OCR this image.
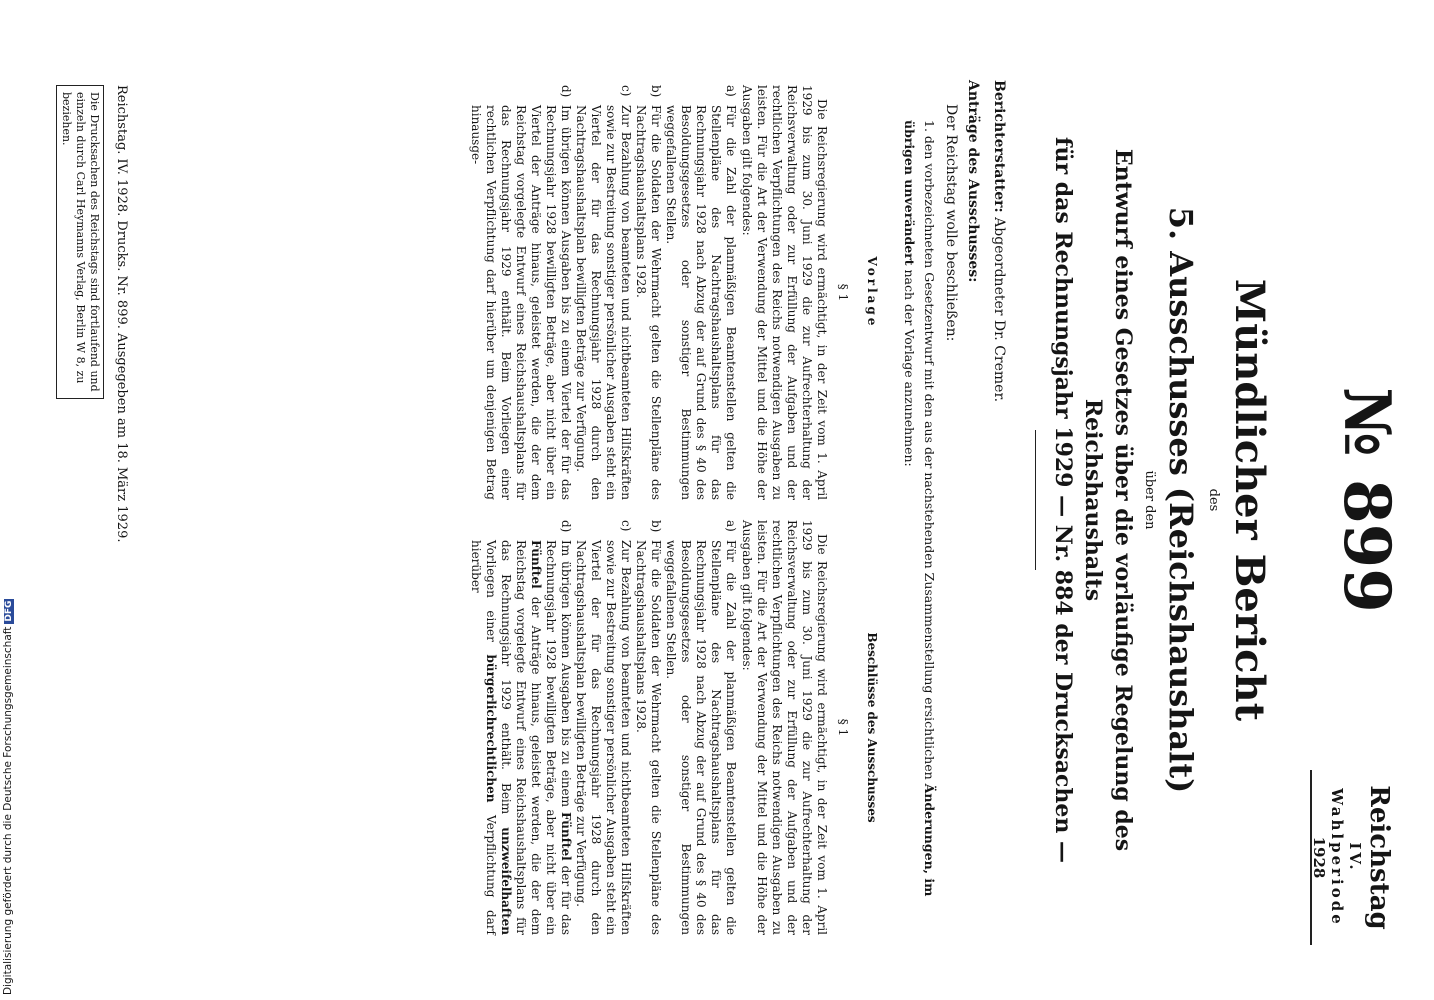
Reichstag
IV. Wahlperiode
1928
№ 899
Mündlicher Bericht
des
5. Ausschusses (Reichshaushalt)
über den
Entwurf eines Gesetzes über die vorläufige Regelung des Reichshaushalts
für das Rechnungsjahr 1929 — Nr. 884 der Drucksachen —
Berichterstatter: Abgeordneter Dr. Cremer.
Anträge des Ausschusses:
Der Reichstag wolle beschließen:
1. den vorbezeichneten Gesetzentwurf mit den aus der nachstehenden Zusammenstellung ersichtlichen Änderungen, im übrigen unverändert nach der Vorlage anzunehmen:
Vorlage
§ 1

Die Reichsregierung wird ermächtigt, in der Zeit vom 1. April 1929 bis zum 30. Juni 1929 die zur Aufrechterhaltung der Reichsverwaltung oder zur Erfüllung der Aufgaben und der rechtlichen Verpflichtungen des Reichs notwendigen Ausgaben zu leisten. Für die Art der Verwendung der Mittel und die Höhe der Ausgaben gilt folgendes:

a)
Für die Zahl der planmäßigen Beamtenstellen gelten die Stellenpläne des Nachtragshaushaltsplans für das Rechnungsjahr 1928 nach Abzug der auf Grund des § 40 des Besoldungsgesetzes oder sonstiger Bestimmungen weggefallenen Stellen.
b)
Für die Soldaten der Wehrmacht gelten die Stellenpläne des Nachtragshaushaltsplans 1928.
c)
Zur Bezahlung von beamteten und nichtbeamteten Hilfskräften sowie zur Bestreitung sonstiger persönlicher Ausgaben steht ein Viertel der für das Rechnungsjahr 1928 durch den Nachtragshaushaltsplan bewilligten Beträge zur Verfügung.
d)
Im übrigen können Ausgaben bis zu einem Viertel der für das Rechnungsjahr 1928 bewilligten Beträge, aber nicht über ein Viertel der Anträge hinaus, geleistet werden, die der dem Reichstag vorgelegte Entwurf eines Reichshaushaltsplans für das Rechnungsjahr 1929 enthält. Beim Vorliegen einer rechtlichen Verpflichtung darf hierüber um denjenigen Betrag hinausge-
Beschlüsse des Ausschusses
§ 1

Die Reichsregierung wird ermächtigt, in der Zeit vom 1. April 1929 bis zum 30. Juni 1929 die zur Aufrechterhaltung der Reichsverwaltung oder zur Erfüllung der Aufgaben und der rechtlichen Verpflichtungen des Reichs notwendigen Ausgaben zu leisten. Für die Art der Verwendung der Mittel und die Höhe der Ausgaben gilt folgendes:

a)
Für die Zahl der planmäßigen Beamtenstellen gelten die Stellenpläne des Nachtragshaushaltsplans für das Rechnungsjahr 1928 nach Abzug der auf Grund des § 40 des Besoldungsgesetzes oder sonstiger Bestimmungen weggefallenen Stellen.
b)
Für die Soldaten der Wehrmacht gelten die Stellenpläne des Nachtragshaushaltsplans 1928.
c)
Zur Bezahlung von beamteten und nichtbeamteten Hilfskräften sowie zur Bestreitung sonstiger persönlicher Ausgaben steht ein Viertel der für das Rechnungsjahr 1928 durch den Nachtragshaushaltsplan bewilligten Beträge zur Verfügung.
d)
Im übrigen können Ausgaben bis zu einem Fünftel der für das Rechnungsjahr 1928 bewilligten Beträge, aber nicht über ein Fünftel der Anträge hinaus, geleistet werden, die der dem Reichstag vorgelegte Entwurf eines Reichshaushaltsplans für das Rechnungsjahr 1929 enthält. Beim unzweifelhaften Vorliegen einer bürgerlichrechtlichen Verpflichtung darf hierüber
Reichstag. IV. 1928. Drucks. Nr. 899. Ausgegeben am 18. März 1929.
Die Drucksachen des Reichstags sind fortlaufend und einzeln durch Carl Heymanns Verlag, Berlin W 8, zu beziehen.
Digitalisierung gefördert durch die Deutsche ForschungsgemeinschaftDFG
